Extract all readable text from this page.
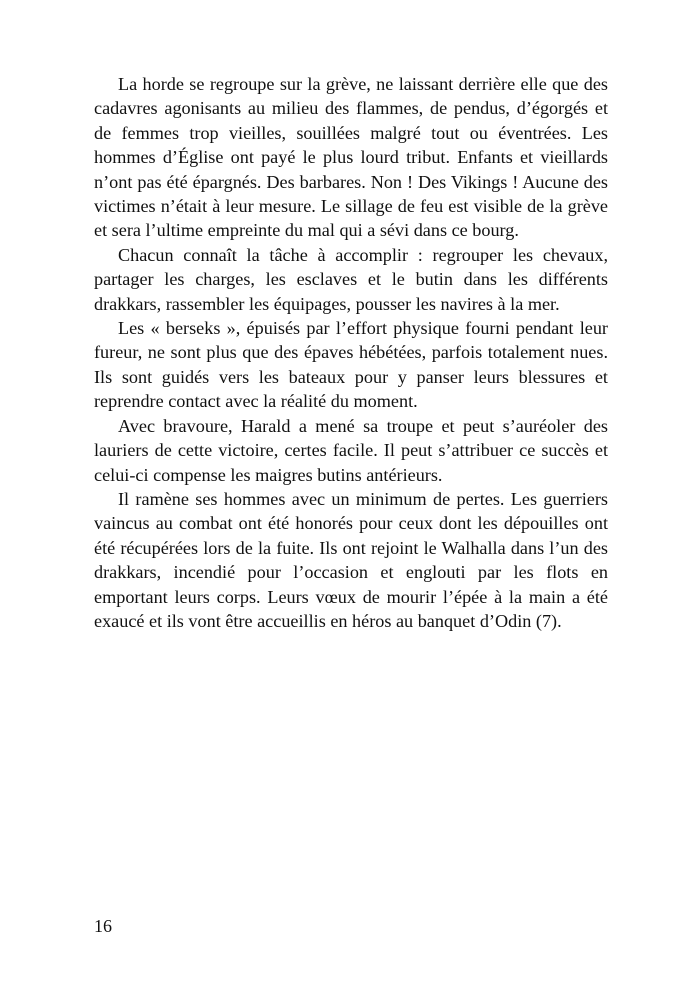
La horde se regroupe sur la grève, ne laissant derrière elle que des cadavres agonisants au milieu des flammes, de pendus, d’égorgés et de femmes trop vieilles, souillées malgré tout ou éventrées. Les hommes d’Église ont payé le plus lourd tribut. Enfants et vieillards n’ont pas été épargnés. Des barbares. Non ! Des Vikings ! Aucune des victimes n’était à leur mesure. Le sillage de feu est visible de la grève et sera l’ultime empreinte du mal qui a sévi dans ce bourg.

Chacun connaît la tâche à accomplir : regrouper les chevaux, partager les charges, les esclaves et le butin dans les différents drakkars, rassembler les équipages, pousser les navires à la mer.

Les « berseks », épuisés par l’effort physique fourni pendant leur fureur, ne sont plus que des épaves hébétées, parfois totalement nues. Ils sont guidés vers les bateaux pour y panser leurs blessures et reprendre contact avec la réalité du moment.

Avec bravoure, Harald a mené sa troupe et peut s’auréoler des lauriers de cette victoire, certes facile. Il peut s’attribuer ce succès et celui-ci compense les maigres butins antérieurs.

Il ramène ses hommes avec un minimum de pertes. Les guerriers vaincus au combat ont été honorés pour ceux dont les dépouilles ont été récupérées lors de la fuite. Ils ont rejoint le Walhalla dans l’un des drakkars, incendié pour l’occasion et englouti par les flots en emportant leurs corps. Leurs vœux de mourir l’épée à la main a été exaucé et ils vont être accueillis en héros au banquet d’Odin (7).

16
